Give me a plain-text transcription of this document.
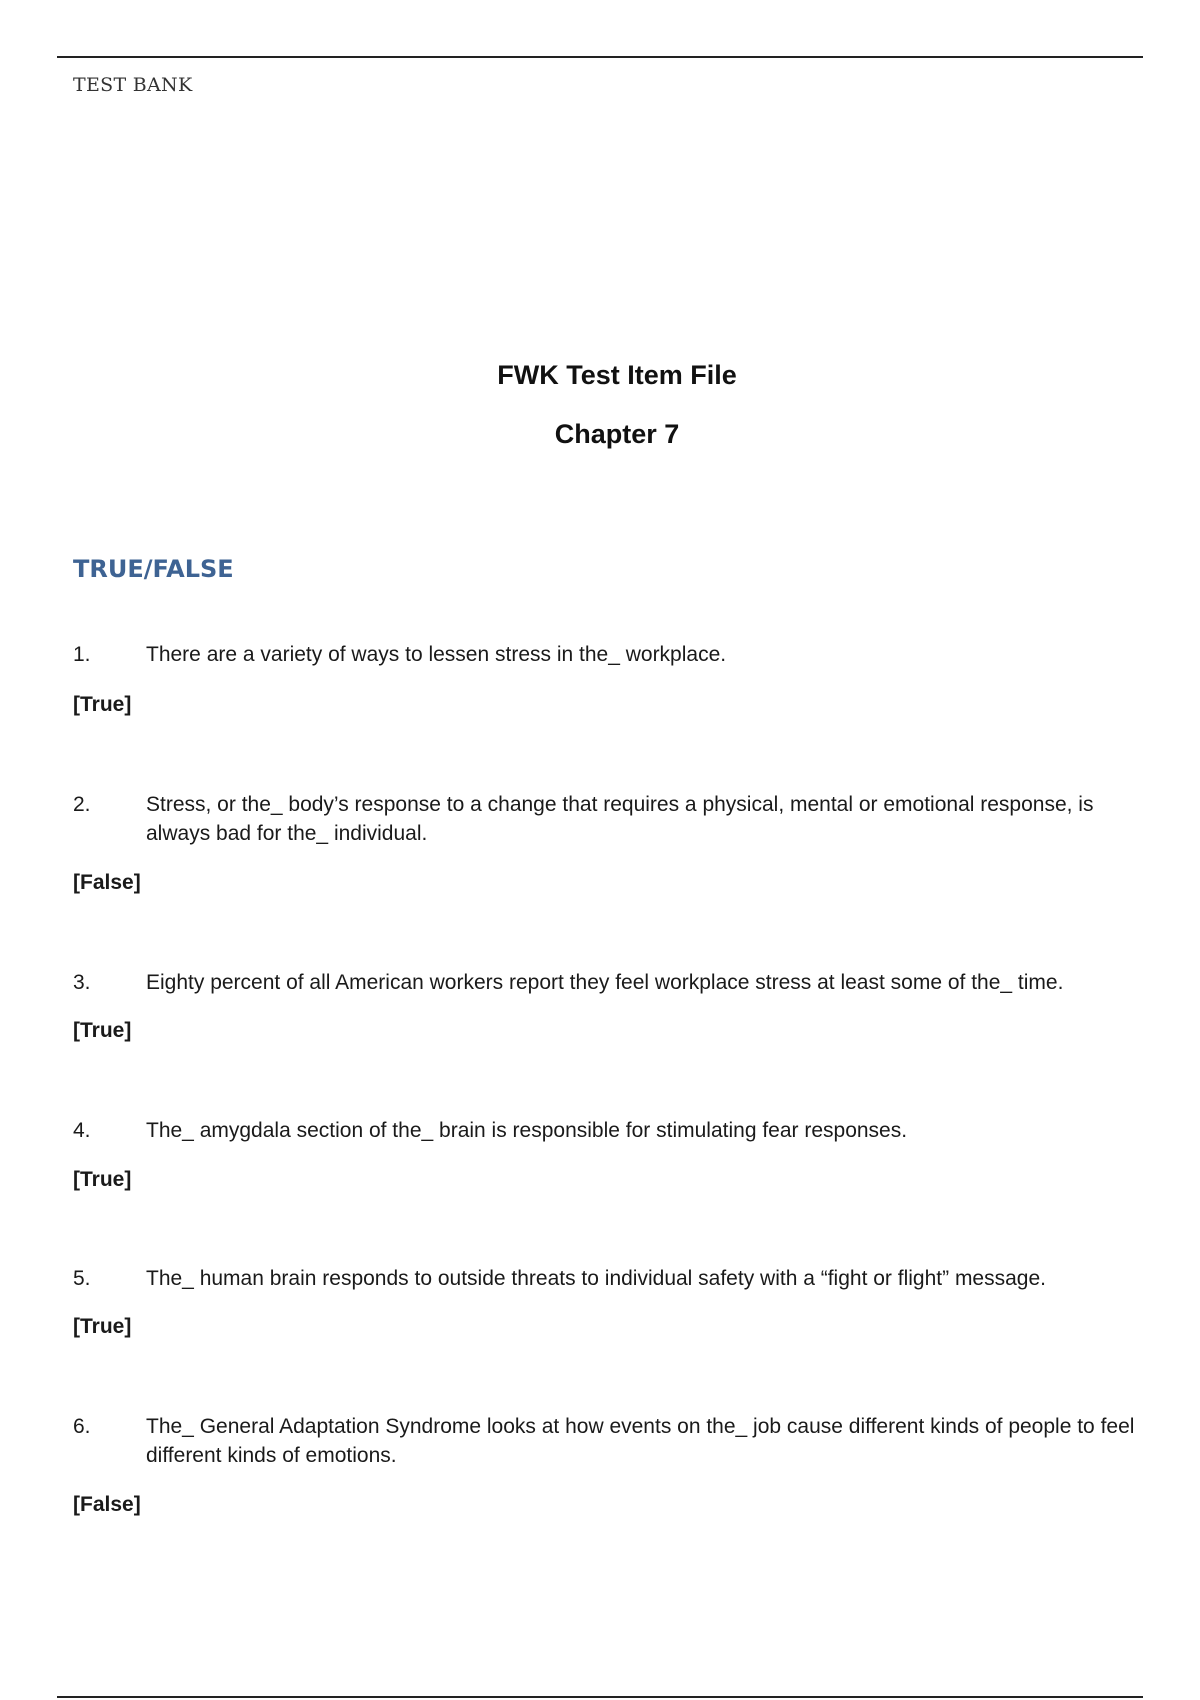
TEST BANK
FWK Test Item File
Chapter 7
TRUE/FALSE
1.	There are a variety of ways to lessen stress in the_ workplace.
[True]
2.	Stress, or the_ body’s response to a change that requires a physical, mental or emotional response, is always bad for the_ individual.
[False]
3.	Eighty percent of all American workers report they feel workplace stress at least some of the_ time.
[True]
4.	The_ amygdala section of the_ brain is responsible for stimulating fear responses.
[True]
5.	The_ human brain responds to outside threats to individual safety with a “fight or flight” message.
[True]
6.	The_ General Adaptation Syndrome looks at how events on the_ job cause different kinds of people to feel different kinds of emotions.
[False]
